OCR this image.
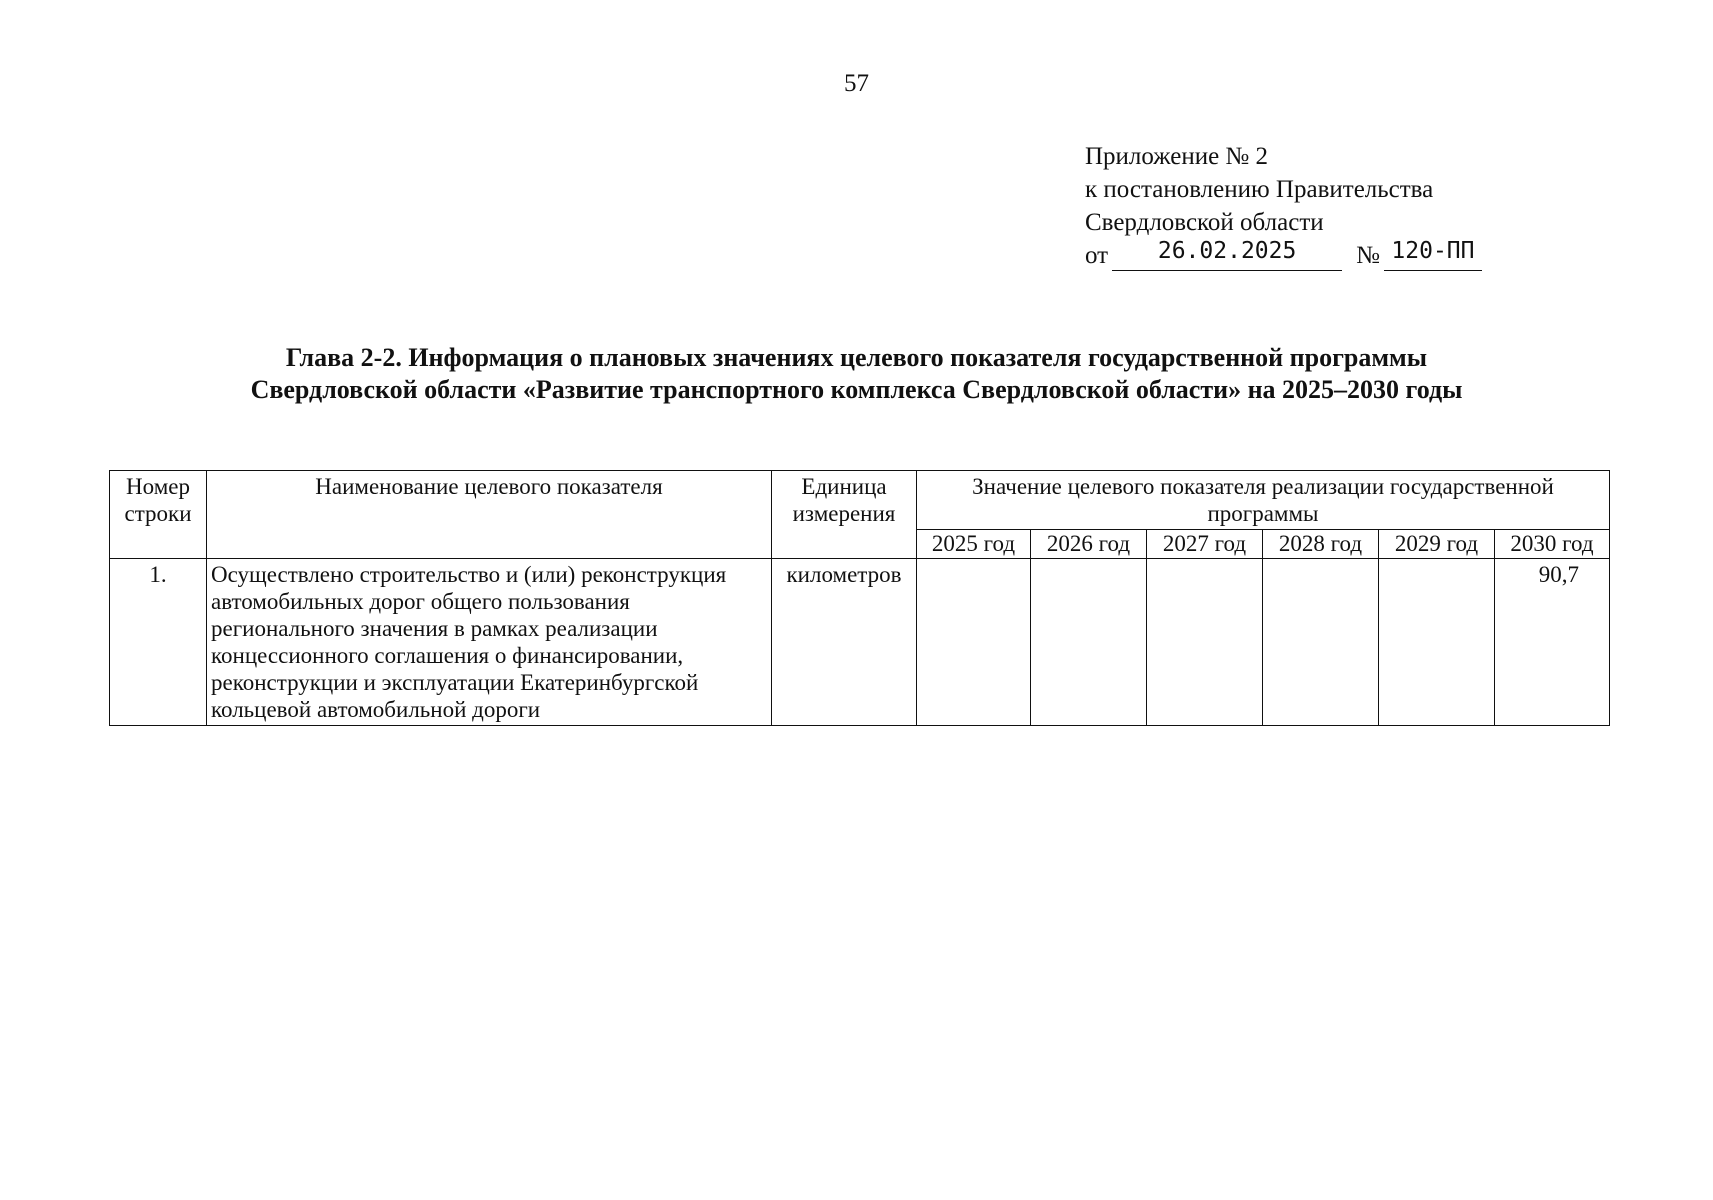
57
Приложение № 2
к постановлению Правительства
Свердловской области
от 26.02.2025 № 120-ПП
Глава 2-2. Информация о плановых значениях целевого показателя государственной программы
Свердловской области «Развитие транспортного комплекса Свердловской области» на 2025–2030 годы
Номер строки	Наименование целевого показателя	Единица измерения	Значение целевого показателя реализации государственной программы					
			2025 год	2026 год	2027 год	2028 год	2029 год	2030 год
1.	Осуществлено строительство и (или) реконструкция автомобильных дорог общего пользования регионального значения в рамках реализации концессионного соглашения о финансировании, реконструкции и эксплуатации Екатеринбургской кольцевой автомобильной дороги	километров						90,7
